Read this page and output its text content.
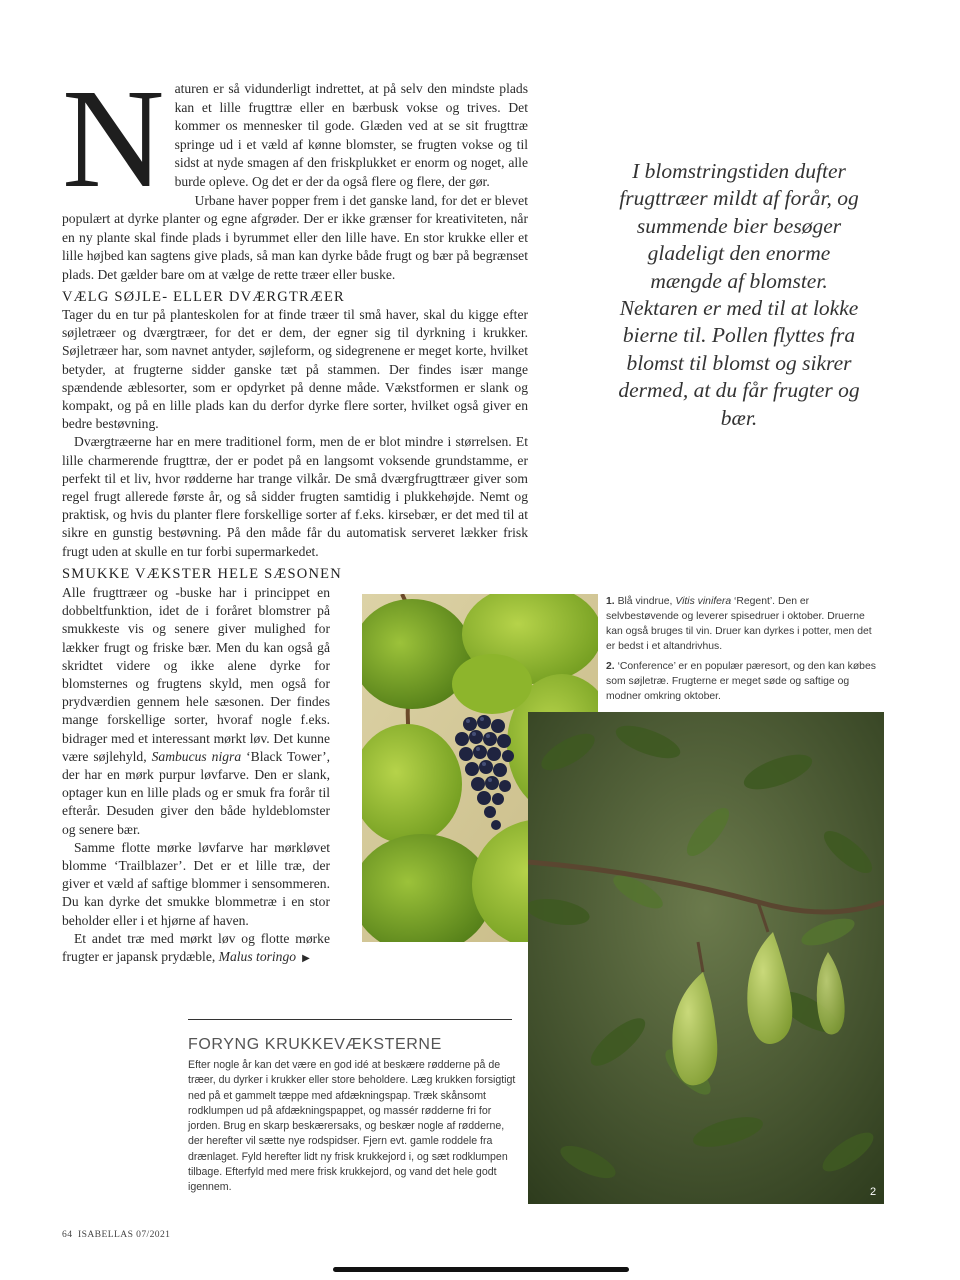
N aturen er så vidunderligt indrettet, at på selv den mindste plads kan et lille frugttræ eller en bærbusk vokse og trives. Det kommer os mennesker til gode. Glæden ved at se sit frugttræ springe ud i et væld af kønne blomster, se frugten vokse og til sidst at nyde smagen af den friskplukket er enorm og noget, alle burde opleve. Og det er der da også flere og flere, der gør.

Urbane haver popper frem i det ganske land, for det er blevet populært at dyrke planter og egne afgrøder. Der er ikke grænser for kreativiteten, når en ny plante skal finde plads i byrummet eller den lille have. En stor krukke eller et lille højbed kan sagtens give plads, så man kan dyrke både frugt og bær på begrænset plads. Det gælder bare om at vælge de rette træer eller buske.

VÆLG SØJLE- ELLER DVÆRGTRÆER

Tager du en tur på planteskolen for at finde træer til små haver, skal du kigge efter søjletræer og dværgtræer, for det er dem, der egner sig til dyrkning i krukker. Søjletræer har, som navnet antyder, søjleform, og sidegrenene er meget korte, hvilket betyder, at frugterne sidder ganske tæt på stammen. Der findes især mange spændende æblesorter, som er opdyrket på denne måde. Vækstformen er slank og kompakt, og på en lille plads kan du derfor dyrke flere sorter, hvilket også giver en bedre bestøvning.

Dværgtræerne har en mere traditionel form, men de er blot mindre i størrelsen. Et lille charmerende frugttræ, der er podet på en langsomt voksende grundstamme, er perfekt til et liv, hvor rødderne har trange vilkår. De små dværgfrugttræer giver som regel frugt allerede første år, og så sidder frugten samtidig i plukkehøjde. Nemt og praktisk, og hvis du planter flere forskellige sorter af f.eks. kirsebær, er det med til at sikre en gunstig bestøvning. På den måde får du automatisk serveret lækker frisk frugt uden at skulle en tur forbi supermarkedet.

I blomstringstiden dufter frugttræer mildt af forår, og summende bier besøger gladeligt den enorme mængde af blomster. Nektaren er med til at lokke bierne til. Pollen flyttes fra blomst til blomst og sikrer dermed, at du får frugter og bær.
SMUKKE VÆKSTER HELE SÆSONEN

Alle frugttræer og -buske har i princippet en dobbeltfunktion, idet de i foråret blomstrer på smukkeste vis og senere giver mulighed for lækker frugt og friske bær. Men du kan også gå skridtet videre og ikke alene dyrke for blomsternes og frugtens skyld, men også for prydværdien gennem hele sæsonen. Der findes mange forskellige sorter, hvoraf nogle f.eks. bidrager med et interessant mørkt løv. Det kunne være søjlehyld, Sambucus nigra ‘Black Tower’, der har en mørk purpur løvfarve. Den er slank, optager kun en lille plads og er smuk fra forår til efterår. Desuden giver den både hyldeblomster og senere bær.

Samme flotte mørke løvfarve har mørkløvet blomme ‘Trailblazer’. Det er et lille træ, der giver et væld af saftige blommer i sensommeren. Du kan dyrke det smukke blommetræ i en stor beholder eller i et hjørne af haven.

Et andet træ med mørkt løv og flotte mørke frugter er japansk prydæble, Malus toringo ▶

1. Blå vindrue, Vitis vinifera ‘Regent’. Den er selvbestøvende og leverer spisedruer i oktober. Druerne kan også bruges til vin. Druer kan dyrkes i potter, men det er bedst i et altandrivhus.

2. ‘Conference’ er en populær pæresort, og den kan købes som søjletræ. Frugterne er meget søde og saftige og modner omkring oktober.

2
FORYNG KRUKKEVÆKSTERNE
Efter nogle år kan det være en god idé at beskære rødderne på de træer, du dyrker i krukker eller store beholdere. Læg krukken forsigtigt ned på et gammelt tæppe med afdækningspap. Træk skånsomt rodklumpen ud på afdækningspappet, og massér rødderne fri for jorden. Brug en skarp beskærersaks, og beskær nogle af rødderne, der herefter vil sætte nye rodspidser. Fjern evt. gamle roddele fra drænlaget. Fyld herefter lidt ny frisk krukkejord i, og sæt rodklumpen tilbage. Efterfyld med mere frisk krukkejord, og vand det hele godt igennem.
64 ISABELLAS 07/2021
